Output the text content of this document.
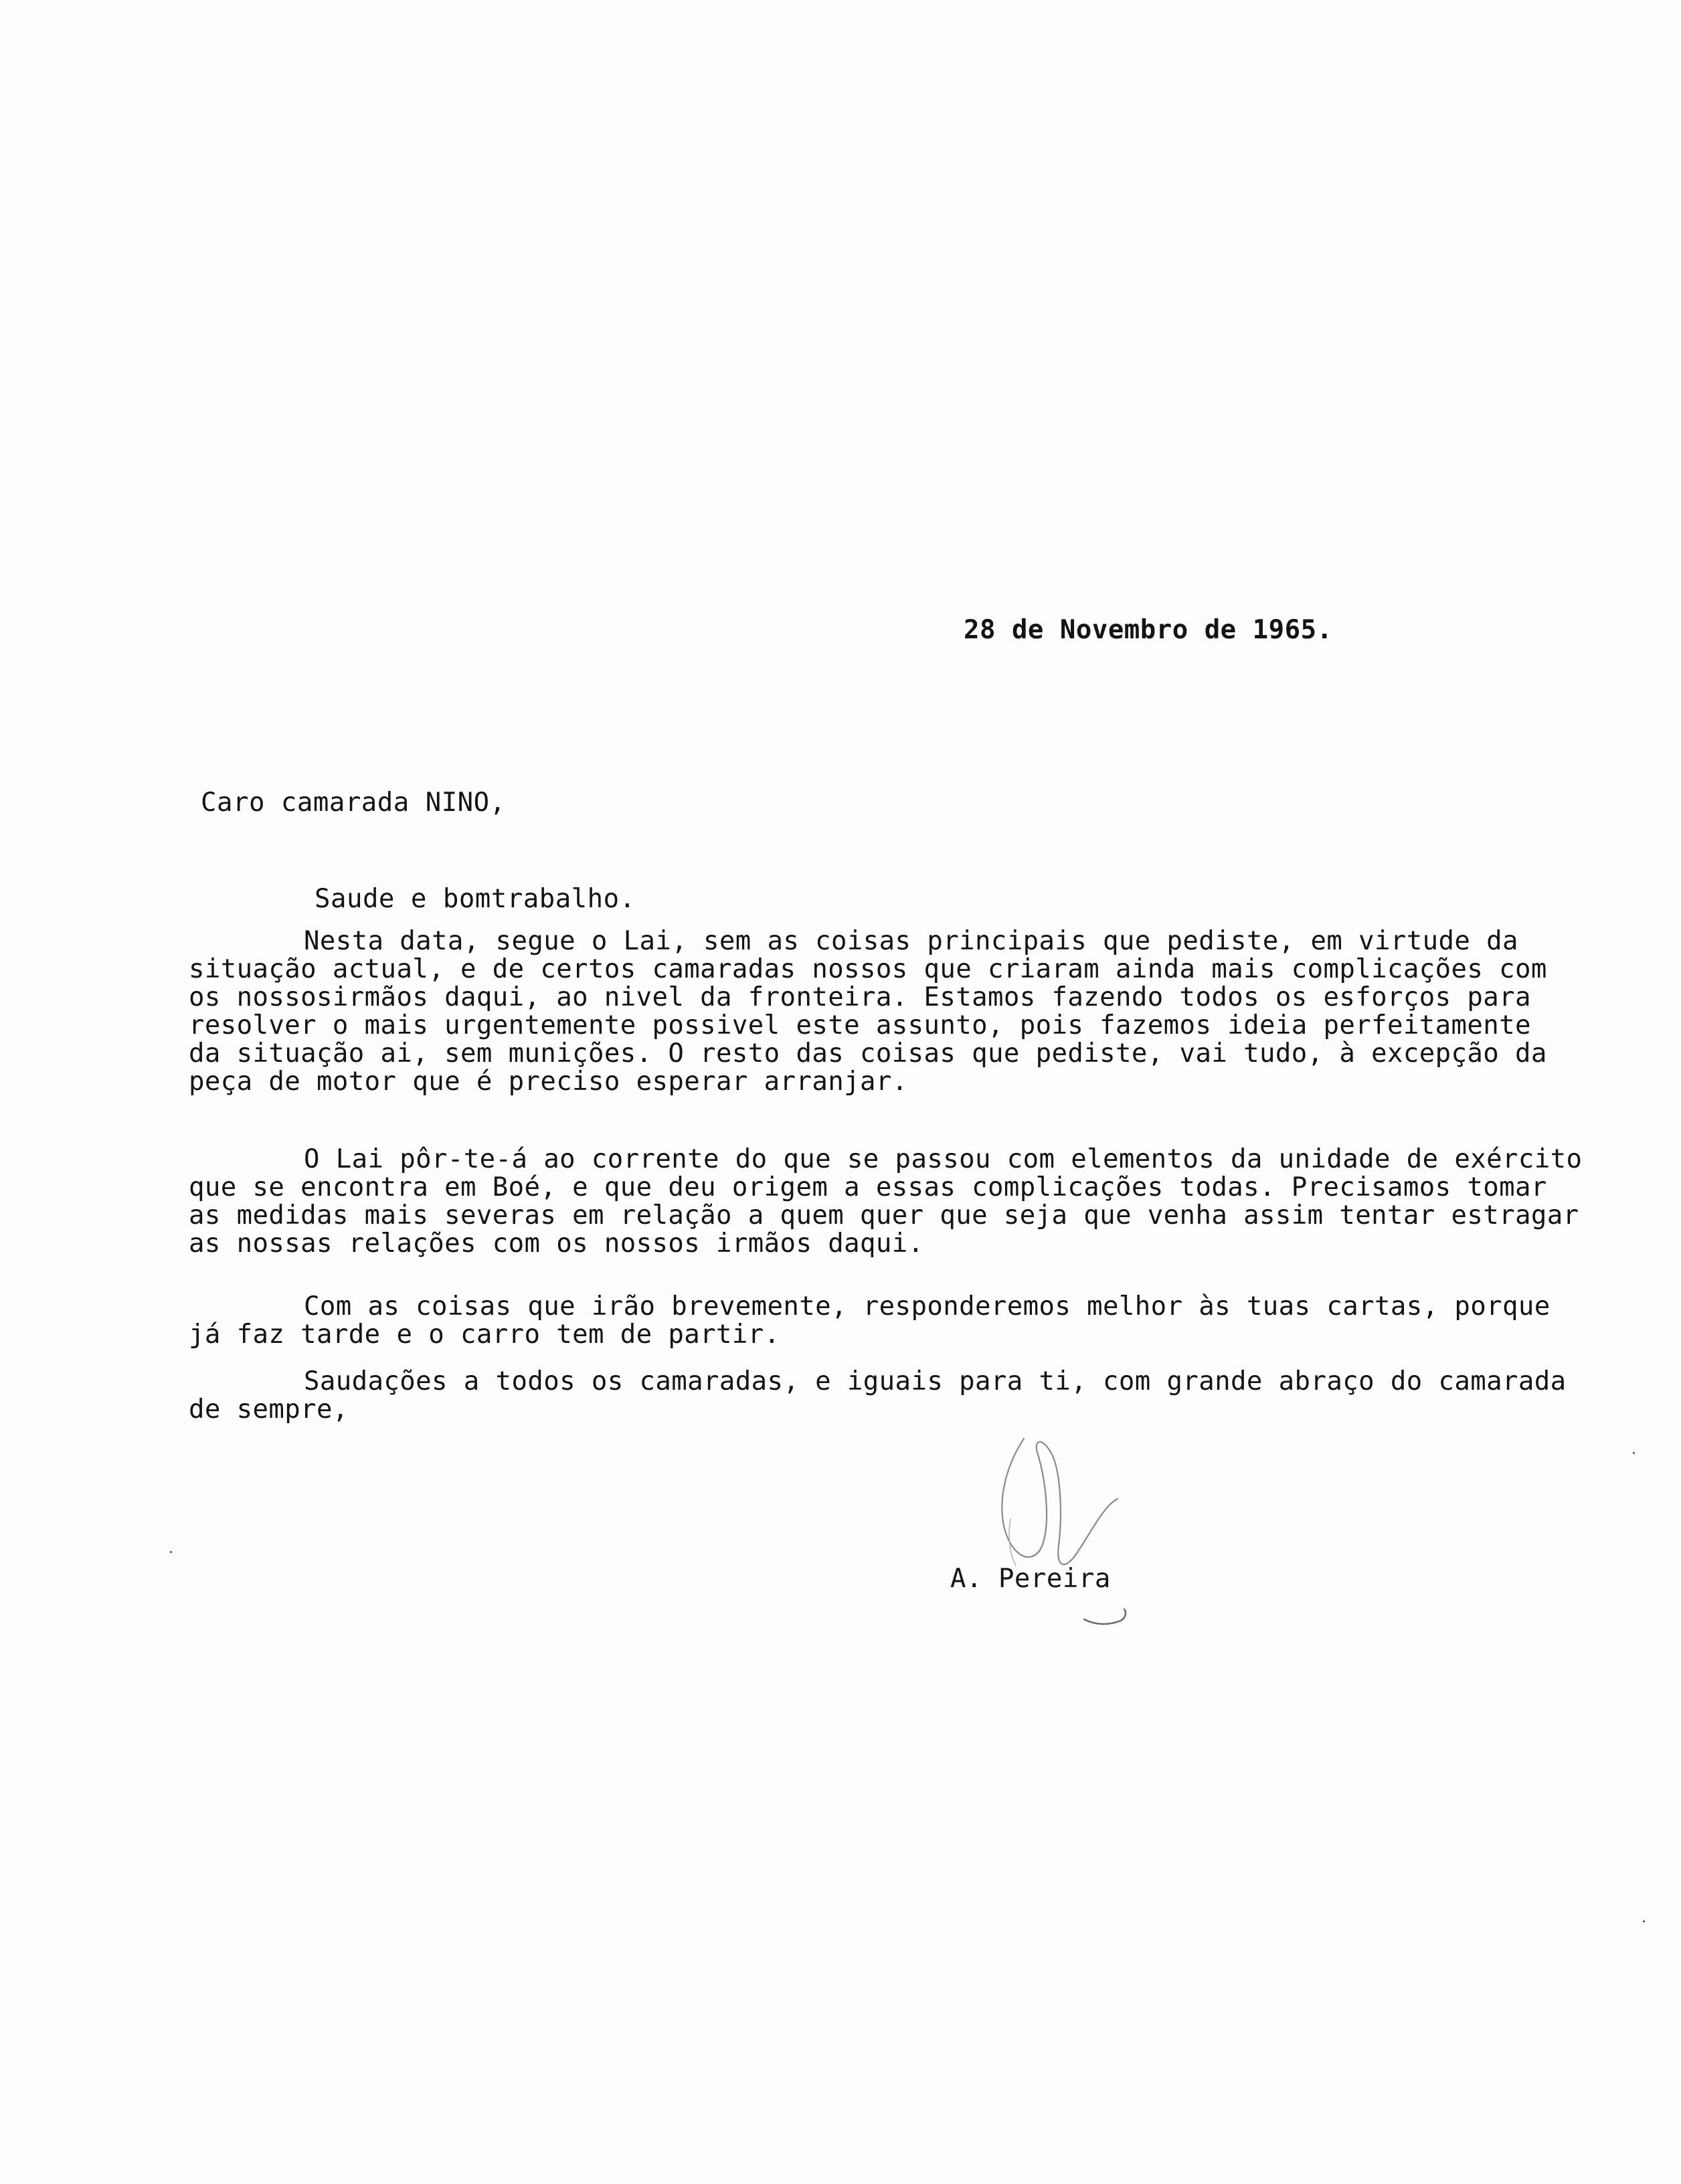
28 de Novembro de 1965.
Caro camarada NINO,
Saude e bomtrabalho.
Nesta data, segue o Lai, sem as coisas principais que pediste, em virtude da
situação actual, e de certos camaradas nossos que criaram ainda mais complicações com
os nossosirmãos daqui, ao nivel da fronteira. Estamos fazendo todos os esforços para
resolver o mais urgentemente possivel este assunto, pois fazemos ideia perfeitamente
da situação ai, sem munições. O resto das coisas que pediste, vai tudo, à excepção da
peça de motor que é preciso esperar arranjar.
O Lai pôr-te-á ao corrente do que se passou com elementos da unidade de exército
que se encontra em Boé, e que deu origem a essas complicações todas. Precisamos tomar
as medidas mais severas em relação a quem quer que seja que venha assim tentar estragar
as nossas relações com os nossos irmãos daqui.
Com as coisas que irão brevemente, responderemos melhor às tuas cartas, porque
já faz tarde e o carro tem de partir.
Saudações a todos os camaradas, e iguais para ti, com grande abraço do camarada
de sempre,
A. Pereira
